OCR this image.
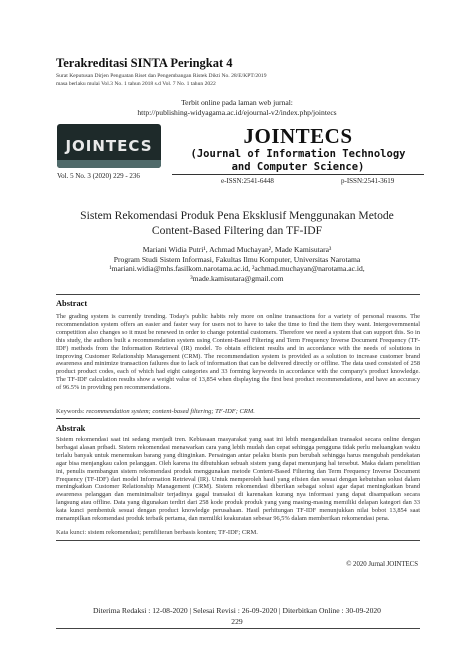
Terakreditasi SINTA Peringkat 4
Surat Keputusan Dirjen Penguatan Riset dan Pengembangan Ristek Dikti No. 28/E/KPT/2019
masa berlaku mulai Vol.3 No. 1 tahun 2018 s.d Vol. 7 No. 1 tahun 2022
Terbit online pada laman web jurnal:
http://publishing-widyagama.ac.id/ejournal-v2/index.php/jointecs
JOINTECS
Vol. 5 No. 3 (2020) 229 - 236
JOINTECS
(Journal of Information Technology
and Computer Science)
e-ISSN:2541-6448	p-ISSN:2541-3619
Sistem Rekomendasi Produk Pena Eksklusif Menggunakan Metode
Content-Based Filtering dan TF-IDF
Mariani Widia Putri¹, Achmad Muchayan², Made Kamisutara³
Program Studi Sistem Informasi, Fakultas Ilmu Komputer, Universitas Narotama
¹mariani.widia@mhs.fasilkom.narotama.ac.id, ²achmad.muchayan@narotama.ac.id,
³made.kamisutara@gmail.com
Abstract
The grading system is currently trending. Today's public habits rely more on online transactions for a variety of personal reasons. The recommendation system offers an easier and faster way for users not to have to take the time to find the item they want. Intergovernmental competition also changes so it must be renewed in order to change potential customers. Therefore we need a system that can support this. So in this study, the authors built a recommendation system using Content-Based Filtering and Term Frequency Inverse Document Frequency (TF-IDF) methods from the Information Retrieval (IR) model. To obtain efficient results and in accordance with the needs of solutions in improving Customer Relationship Management (CRM). The recommendation system is provided as a solution to increase customer brand awareness and minimize transaction failures due to lack of information that can be delivered directly or offline. The data used consisted of 258 product product codes, each of which had eight categories and 33 forming keywords in accordance with the company's product knowledge. The TF-IDF calculation results show a weight value of 13,854 when displaying the first best product recommendations, and have an accuracy of 96.5% in providing pen recommendations.
Keywords: recommendation system; content-based filtering; TF-IDF; CRM.
Abstrak
Sistem rekomendasi saat ini sedang menjadi tren. Kebiasaan masyarakat yang saat ini lebih mengandalkan transaksi secara online dengan berbagai alasan pribadi. Sistem rekomendasi menawarkan cara yang lebih mudah dan cepat sehingga pengguna tidak perlu meluangkan waktu terlalu banyak untuk menemukan barang yang diinginkan. Persaingan antar pelaku bisnis pun berubah sehingga harus mengubah pendekatan agar bisa menjangkau calon pelanggan. Oleh karena itu dibutuhkan sebuah sistem yang dapat menunjang hal tersebut. Maka dalam penelitian ini, penulis membangun sistem rekomendasi produk menggunakan metode Content-Based Filtering dan Term Frequency Inverse Document Frequency (TF-IDF) dari model Information Retrieval (IR). Untuk memperoleh hasil yang efisien dan sesuai dengan kebutuhan solusi dalam meningkatkan Customer Relationship Management (CRM). Sistem rekomendasi diberikan sebagai solusi agar dapat meningkatkan brand awareness pelanggan dan meminimalisir terjadinya gagal transaksi di karenakan kurang nya informasi yang dapat disampaikan secara langsung atau offline. Data yang digunakan terdiri dari 258 kode produk produk yang yang masing-masing memiliki delapan kategori dan 33 kata kunci pembentuk sesuai dengan product knowledge perusahaan. Hasil perhitungan TF-IDF menunjukkan nilai bobot 13,854 saat menampilkan rekomendasi produk terbaik pertama, dan memiliki keakuratan sebesar 96,5% dalam memberikan rekomendasi pena.
Kata kunci: sistem rekomendasi; pemfilteran berbasis konten; TF-IDF; CRM.
© 2020 Jurnal JOINTECS
Diterima Redaksi : 12-08-2020 | Selesai Revisi : 26-09-2020 | Diterbitkan Online : 30-09-2020
229
